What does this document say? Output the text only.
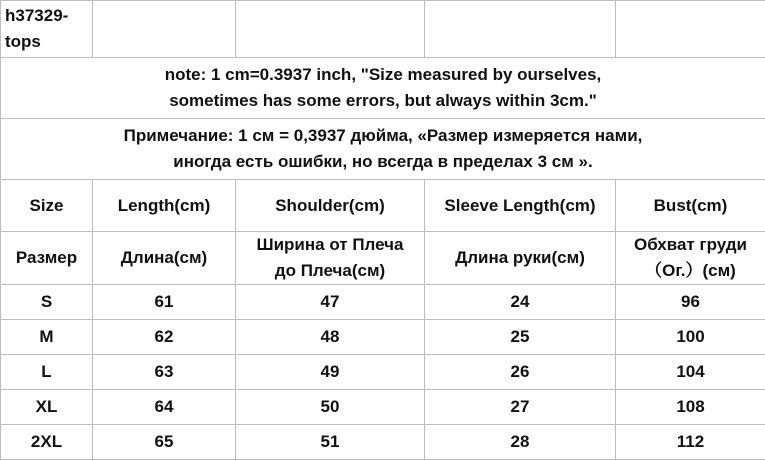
h37329-
tops				

note: 1 cm=0.3937 inch, "Size measured by ourselves,
sometimes has some errors, but always within 3cm."				

Примечание: 1 см = 0,3937 дюйма, «Размер измеряется нами,
иногда есть ошибки, но всегда в пределах 3 см ».				

Size	Length(cm)	Shoulder(cm)	Sleeve Length(cm)	Bust(cm)

Размер	Длина(см)	Ширина от Плеча
до Плеча(см)	Длина руки(см)	Обхват груди
（Ог.）(см)

S	61	47	24	96
M	62	48	25	100
L	63	49	26	104
XL	64	50	27	108
2XL	65	51	28	112
